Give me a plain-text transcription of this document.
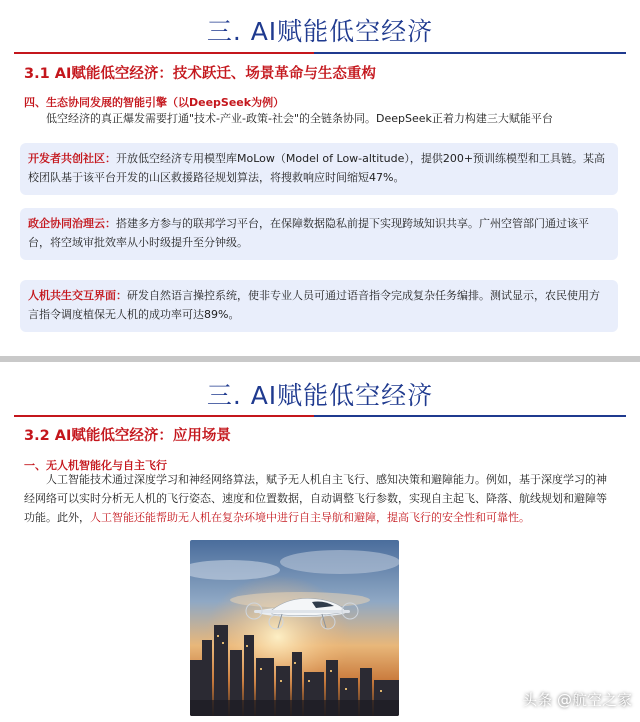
三. AI赋能低空经济
3.1 AI赋能低空经济：技术跃迁、场景革命与生态重构
四、生态协同发展的智能引擎（以DeepSeek为例）
低空经济的真正爆发需要打通"技术-产业-政策-社会"的全链条协同。DeepSeek正着力构建三大赋能平台
开发者共创社区：开放低空经济专用模型库MoLow（Model of Low-altitude），提供200+预训练模型和工具链。某高校团队基于该平台开发的山区救援路径规划算法，将搜救响应时间缩短47%。
政企协同治理云：搭建多方参与的联邦学习平台，在保障数据隐私前提下实现跨域知识共享。广州空管部门通过该平台，将空域审批效率从小时级提升至分钟级。
人机共生交互界面：研发自然语言操控系统，使非专业人员可通过语音指令完成复杂任务编排。测试显示，农民使用方言指令调度植保无人机的成功率可达89%。
三. AI赋能低空经济
3.2 AI赋能低空经济：应用场景
一、无人机智能化与自主飞行
人工智能技术通过深度学习和神经网络算法，赋予无人机自主飞行、感知决策和避障能力。例如，基于深度学习的神经网络可以实时分析无人机的飞行姿态、速度和位置数据，自动调整飞行参数，实现自主起飞、降落、航线规划和避障等功能。此外，人工智能还能帮助无人机在复杂环境中进行自主导航和避障，提高飞行的安全性和可靠性。
头条 @航空之家
